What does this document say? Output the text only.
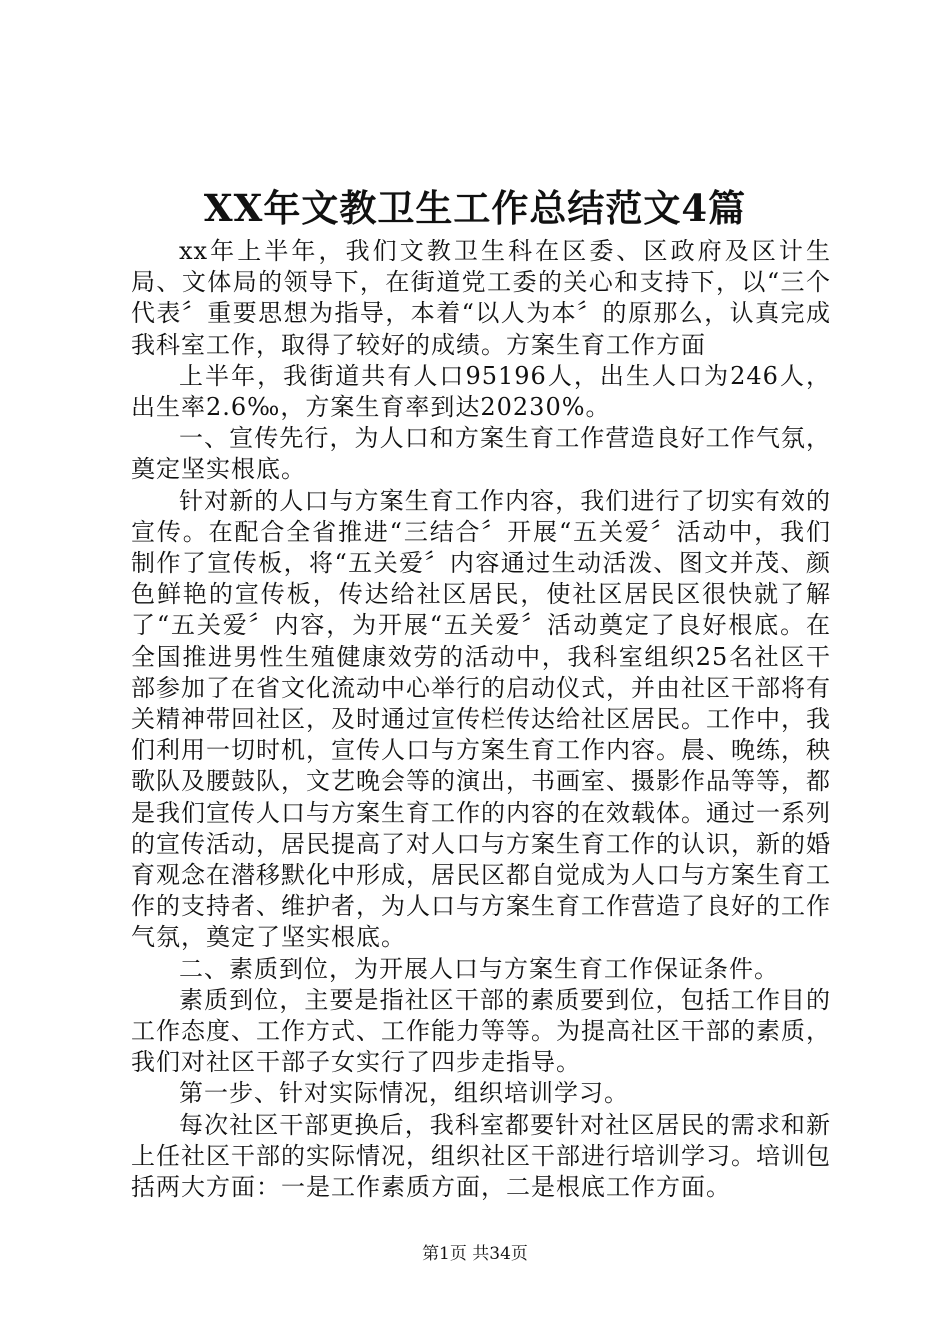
XX年文教卫生工作总结范文4篇

xx年上半年，我们文教卫生科在区委、区政府及区计生局、文体局的领导下，在街道党工委的关心和支持下，以“三个代表〞重要思想为指导，本着“以人为本〞的原那么，认真完成我科室工作，取得了较好的成绩。方案生育工作方面

上半年，我街道共有人口95196人，出生人口为246人，出生率2.6‰，方案生育率到达20230%。

一、宣传先行，为人口和方案生育工作营造良好工作气氛，奠定坚实根底。

针对新的人口与方案生育工作内容，我们进行了切实有效的宣传。在配合全省推进“三结合〞开展“五关爱〞活动中，我们制作了宣传板，将“五关爱〞内容通过生动活泼、图文并茂、颜色鲜艳的宣传板，传达给社区居民，使社区居民区很快就了解了“五关爱〞内容，为开展“五关爱〞活动奠定了良好根底。在全国推进男性生殖健康效劳的活动中，我科室组织25名社区干部参加了在省文化流动中心举行的启动仪式，并由社区干部将有关精神带回社区，及时通过宣传栏传达给社区居民。工作中，我们利用一切时机，宣传人口与方案生育工作内容。晨、晚练，秧歌队及腰鼓队，文艺晚会等的演出，书画室、摄影作品等等，都是我们宣传人口与方案生育工作的内容的在效载体。通过一系列的宣传活动，居民提高了对人口与方案生育工作的认识，新的婚育观念在潜移默化中形成，居民区都自觉成为人口与方案生育工作的支持者、维护者，为人口与方案生育工作营造了良好的工作气氛，奠定了坚实根底。

二、素质到位，为开展人口与方案生育工作保证条件。

素质到位，主要是指社区干部的素质要到位，包括工作目的工作态度、工作方式、工作能力等等。为提高社区干部的素质，我们对社区干部子女实行了四步走指导。

第一步、针对实际情况，组织培训学习。

每次社区干部更换后，我科室都要针对社区居民的需求和新上任社区干部的实际情况，组织社区干部进行培训学习。培训包括两大方面：一是工作素质方面，二是根底工作方面。

第1页 共34页
